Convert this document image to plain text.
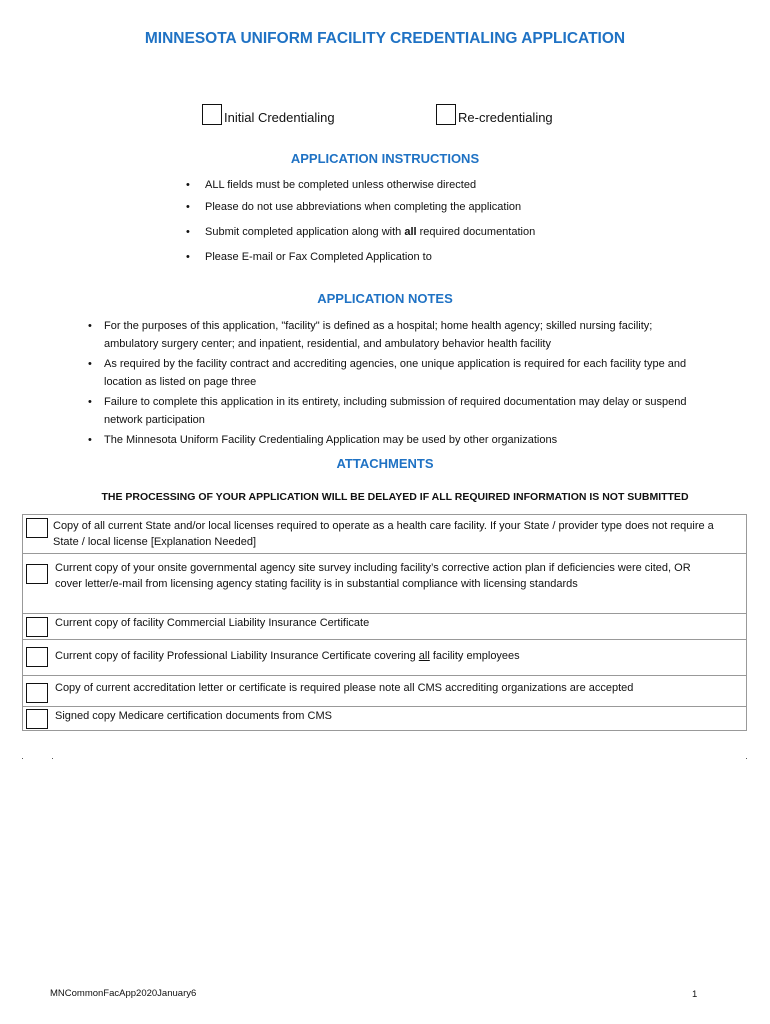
MINNESOTA UNIFORM FACILITY CREDENTIALING APPLICATION
Initial Credentialing	Re-credentialing
APPLICATION INSTRUCTIONS
• ALL fields must be completed unless otherwise directed
• Please do not use abbreviations when completing the application
• Submit completed application along with all required documentation
• Please E-mail or Fax Completed Application to
APPLICATION NOTES
• For the purposes of this application, "facility" is defined as a hospital; home health agency; skilled nursing facility; ambulatory surgery center; and inpatient, residential, and ambulatory behavior health facility
• As required by the facility contract and accrediting agencies, one unique application is required for each facility type and location as listed on page three
• Failure to complete this application in its entirety, including submission of required documentation may delay or suspend network participation
• The Minnesota Uniform Facility Credentialing Application may be used by other organizations
ATTACHMENTS
THE PROCESSING OF YOUR APPLICATION WILL BE DELAYED IF ALL REQUIRED INFORMATION IS NOT SUBMITTED
Copy of all current State and/or local licenses required to operate as a health care facility. If your State / provider type does not require a State / local license [Explanation Needed]
Current copy of your onsite governmental agency site survey including facility’s corrective action plan if deficiencies were cited, OR cover letter/e-mail from licensing agency stating facility is in substantial compliance with licensing standards
Current copy of facility Commercial Liability Insurance Certificate
Current copy of facility Professional Liability Insurance Certificate covering all facility employees
Copy of current accreditation letter or certificate is required please note all CMS accrediting organizations are accepted
Signed copy Medicare certification documents from CMS
MNCommonFacApp2020January6	1
